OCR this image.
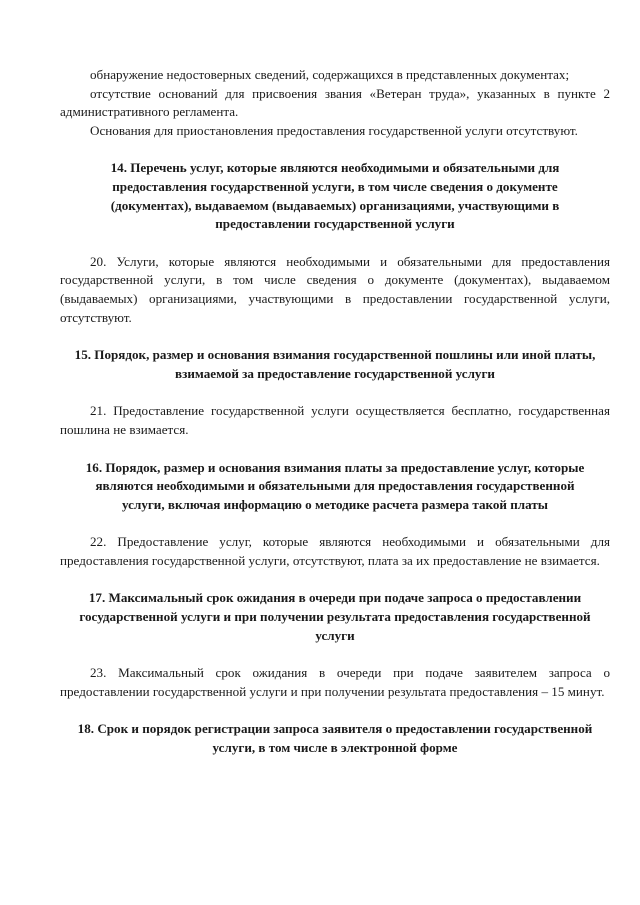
обнаружение недостоверных сведений, содержащихся в представленных документах;

отсутствие оснований для присвоения звания «Ветеран труда», указанных в пункте 2 административного регламента.

Основания для приостановления предоставления государственной услуги отсутствуют.

14. Перечень услуг, которые являются необходимыми и обязательными для предоставления государственной услуги, в том числе сведения о документе (документах), выдаваемом (выдаваемых) организациями, участвующими в предоставлении государственной услуги

20. Услуги, которые являются необходимыми и обязательными для предоставления государственной услуги, в том числе сведения о документе (документах), выдаваемом (выдаваемых) организациями, участвующими в предоставлении государственной услуги, отсутствуют.

15. Порядок, размер и основания взимания государственной пошлины или иной платы, взимаемой за предоставление государственной услуги

21. Предоставление государственной услуги осуществляется бесплатно, государственная пошлина не взимается.

16. Порядок, размер и основания взимания платы за предоставление услуг, которые являются необходимыми и обязательными для предоставления государственной услуги, включая информацию о методике расчета размера такой платы

22. Предоставление услуг, которые являются необходимыми и обязательными для предоставления государственной услуги, отсутствуют, плата за их предоставление не взимается.

17. Максимальный срок ожидания в очереди при подаче запроса о предоставлении государственной услуги и при получении результата предоставления государственной услуги

23. Максимальный срок ожидания в очереди при подаче заявителем запроса о предоставлении государственной услуги и при получении результата предоставления – 15 минут.

18. Срок и порядок регистрации запроса заявителя о предоставлении государственной услуги, в том числе в электронной форме
